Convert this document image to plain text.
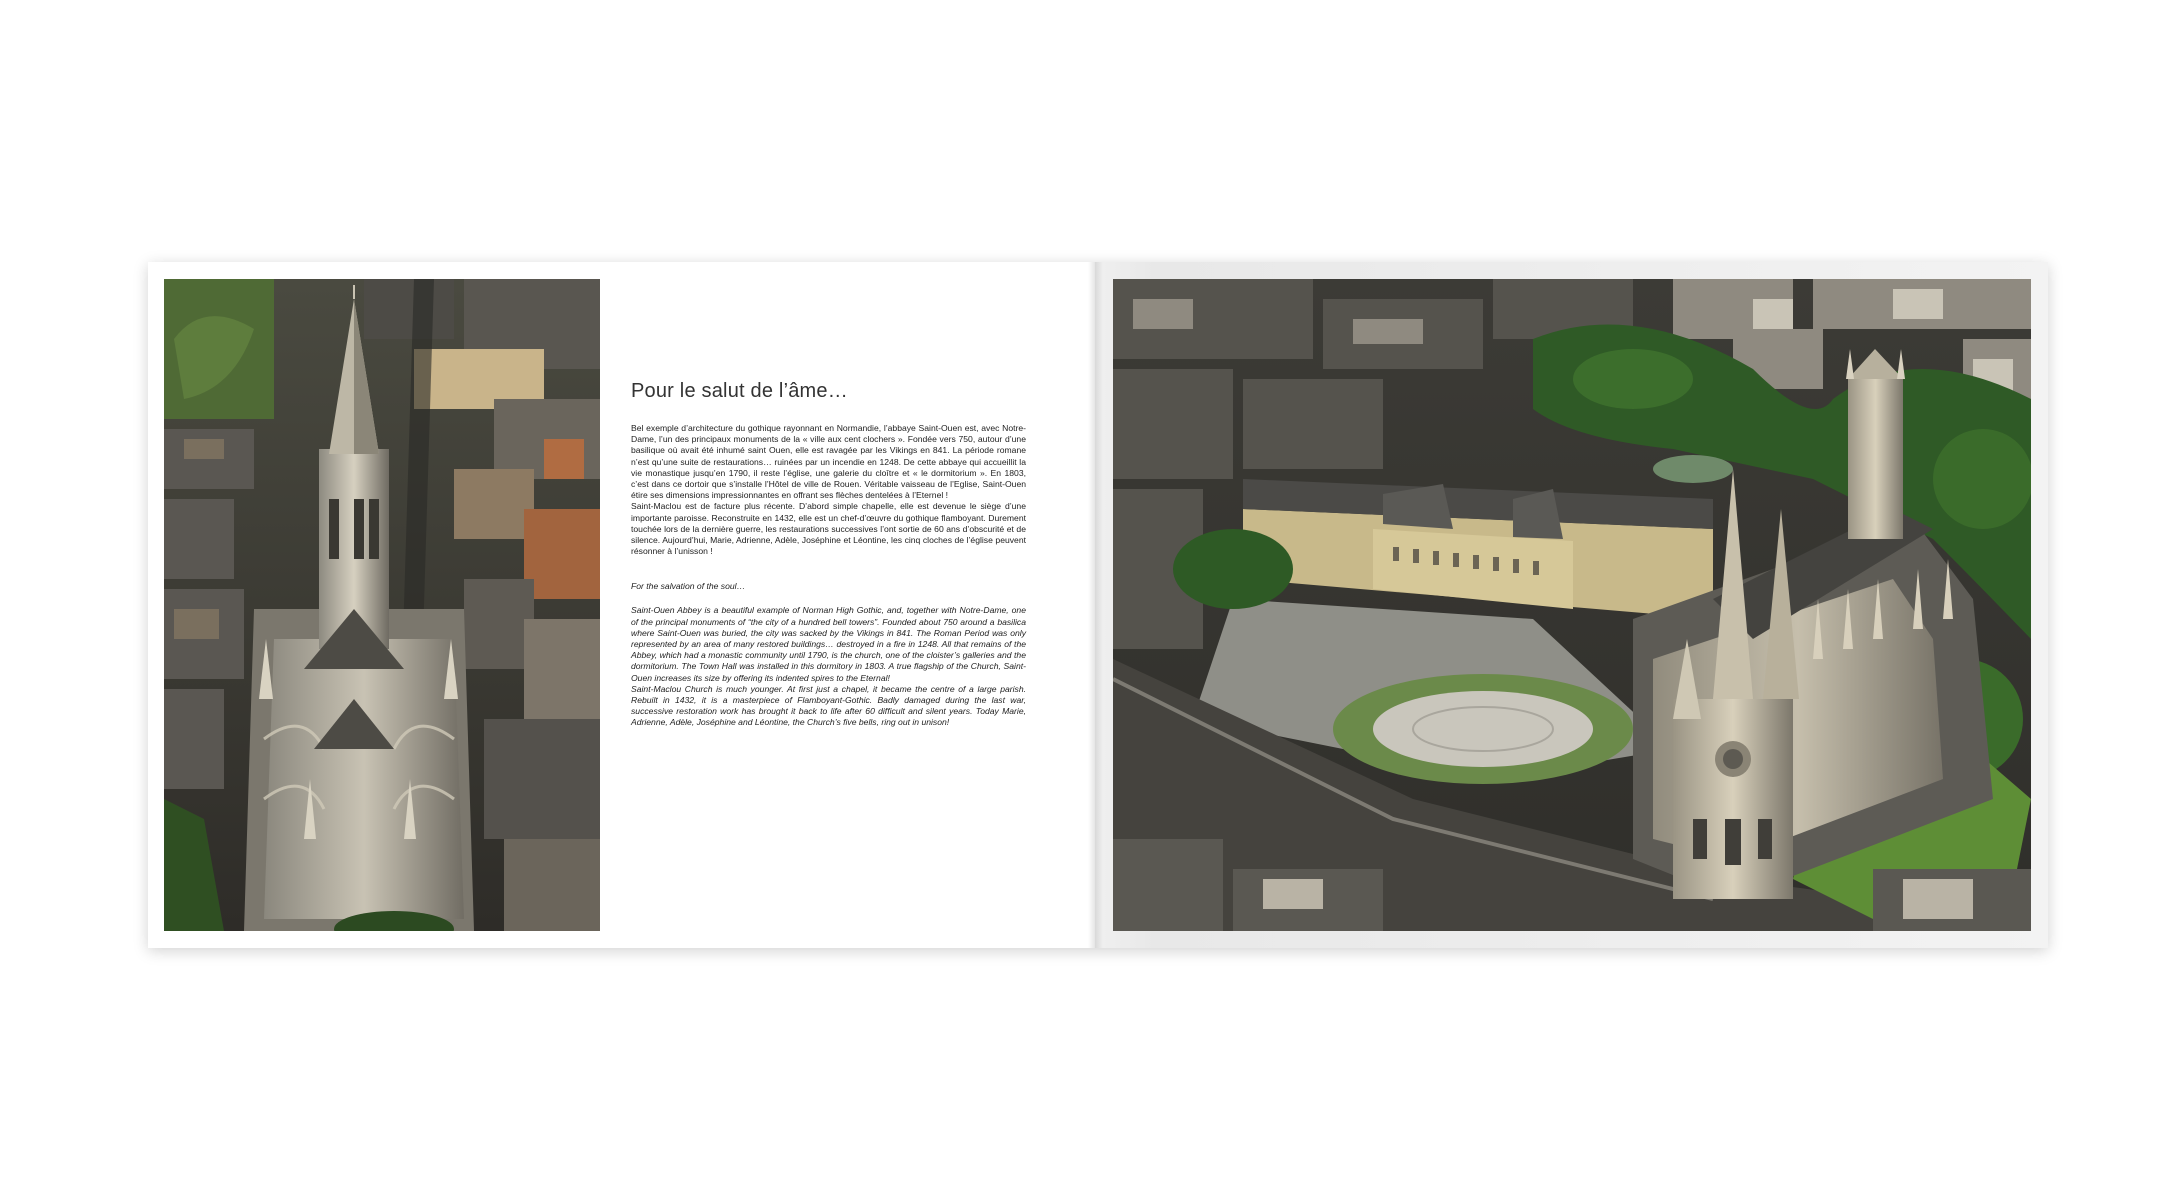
Pour le salut de l’âme…

Bel exemple d’architecture du gothique rayonnant en Normandie, l’abbaye Saint-Ouen est, avec Notre-Dame, l’un des principaux monuments de la « ville aux cent clochers ». Fondée vers 750, autour d’une basilique où avait été inhumé saint Ouen, elle est ravagée par les Vikings en 841. La période romane n’est qu’une suite de restaurations… ruinées par un incendie en 1248. De cette abbaye qui accueillit la vie monastique jusqu’en 1790, il reste l’église, une galerie du cloître et « le dormitorium ». En 1803, c’est dans ce dortoir que s’installe l’Hôtel de ville de Rouen. Véritable vaisseau de l’Eglise, Saint-Ouen étire ses dimensions impressionnantes en offrant ses flèches dentelées à l’Eternel !

Saint-Maclou est de facture plus récente. D’abord simple chapelle, elle est devenue le siège d’une importante paroisse. Reconstruite en 1432, elle est un chef-d’œuvre du gothique flamboyant. Durement touchée lors de la dernière guerre, les restaurations successives l’ont sortie de 60 ans d’obscurité et de silence. Aujourd’hui, Marie, Adrienne, Adèle, Joséphine et Léontine, les cinq cloches de l’église peuvent résonner à l’unisson !

For the salvation of the soul…

Saint-Ouen Abbey is a beautiful example of Norman High Gothic, and, together with Notre-Dame, one of the principal monuments of “the city of a hundred bell towers”. Founded about 750 around a basilica where Saint-Ouen was buried, the city was sacked by the Vikings in 841. The Roman Period was only represented by an area of many restored buildings… destroyed in a fire in 1248. All that remains of the Abbey, which had a monastic community until 1790, is the church, one of the cloister’s galleries and the dormitorium. The Town Hall was installed in this dormitory in 1803. A true flagship of the Church, Saint-Ouen increases its size by offering its indented spires to the Eternal!

Saint-Maclou Church is much younger. At first just a chapel, it became the centre of a large parish. Rebuilt in 1432, it is a masterpiece of Flamboyant-Gothic. Badly damaged during the last war, successive restoration work has brought it back to life after 60 difficult and silent years. Today Marie, Adrienne, Adèle, Joséphine and Léontine, the Church’s five bells, ring out in unison!
